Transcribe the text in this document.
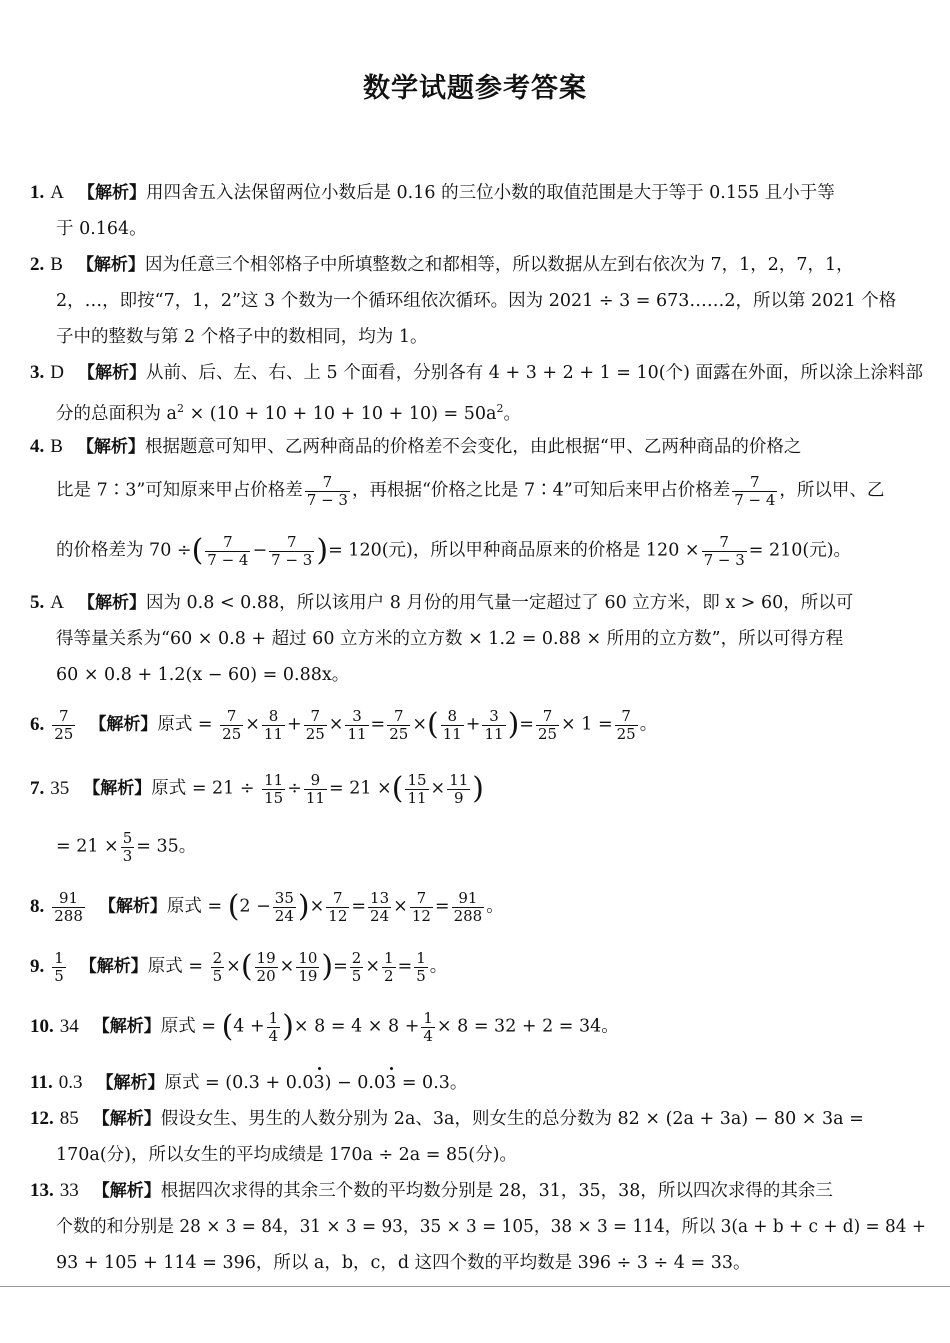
数学试题参考答案
1. A 【解析】用四舍五入法保留两位小数后是 0.16 的三位小数的取值范围是大于等于 0.155 且小于等
于 0.164。
2. B 【解析】因为任意三个相邻格子中所填整数之和都相等，所以数据从左到右依次为 7，1，2，7，1，
2，…，即按“7，1，2”这 3 个数为一个循环组依次循环。因为 2021 ÷ 3 = 673……2，所以第 2021 个格
子中的整数与第 2 个格子中的数相同，均为 1。
3. D 【解析】从前、后、左、右、上 5 个面看，分别各有 4 + 3 + 2 + 1 = 10(个) 面露在外面，所以涂上涂料部
分的总面积为 $a^2 \times (10 + 10 + 10 + 10 + 10) = 50a^2$。
4. B 【解析】根据题意可知甲、乙两种商品的价格差不会变化，由此根据“甲、乙两种商品的价格之
比是 7∶3”可知原来甲占价格差 $\frac{7}{7 - 3}$ ，再根据“价格之比是 7∶4”可知后来甲占价格差 $\frac{7}{7 - 4}$ ，所以甲、乙
的价格差为 70 ÷( $\frac{7}{7 - 4} - \frac{7}{7 - 3}$ )= 120(元)，所以甲种商品原来的价格是 $120 \times \frac{7}{7 - 3} = 210$(元)。
5. A 【解析】因为 0.8 < 0.88，所以该用户 8 月份的用气量一定超过了 60 立方米，即 x > 60，所以可
得等量关系为“60 × 0.8 + 超过 60 立方米的立方数 × 1.2 = 0.88 × 所用的立方数”，所以可得方程
60 × 0.8 + 1.2(x − 60) = 0.88x。
6. $\frac{7}{25}$ 【解析】原式 = $\frac{7}{25} \times \frac{8}{11} + \frac{7}{25} \times \frac{3}{11} = \frac{7}{25}$ ×( $\frac{8}{11} + \frac{3}{11}$ )= $\frac{7}{25} \times 1 = \frac{7}{25}$ 。
7. 35 【解析】原式 = $21 \div \frac{11}{15} \div \frac{9}{11} = 21$ ×( $\frac{15}{11} \times \frac{11}{9}$ )
= $21 \times \frac{5}{3} = 35$。
8. $\frac{91}{288}$ 【解析】原式 = ($2 - \frac{35}{24}$ )× $\frac{7}{12} = \frac{13}{24} \times \frac{7}{12} = \frac{91}{288}$ 。
9. $\frac{1}{5}$ 【解析】原式 = $\frac{2}{5}$ ×( $\frac{19}{20} \times \frac{10}{19}$ )= $\frac{2}{5} \times \frac{1}{2} = \frac{1}{5}$ 。
10. 34 【解析】原式 = ($4 + \frac{1}{4}$ )× $8 = 4 \times 8 + \frac{1}{4} \times 8 = 32 + 2 = 34$。
11. 0.3 【解析】原式 = (0.3 + 0.03) − 0.03 = 0.3。
12. 85 【解析】假设女生、男生的人数分别为 2a、3a，则女生的总分数为 82 × (2a + 3a) − 80 × 3a =
170a(分)，所以女生的平均成绩是 170a ÷ 2a = 85(分)。
13. 33 【解析】根据四次求得的其余三个数的平均数分别是 28，31，35，38，所以四次求得的其余三
个数的和分别是 28 × 3 = 84，31 × 3 = 93，35 × 3 = 105，38 × 3 = 114，所以 3(a + b + c + d) = 84 +
93 + 105 + 114 = 396，所以 a，b，c，d 这四个数的平均数是 396 ÷ 3 ÷ 4 = 33。
